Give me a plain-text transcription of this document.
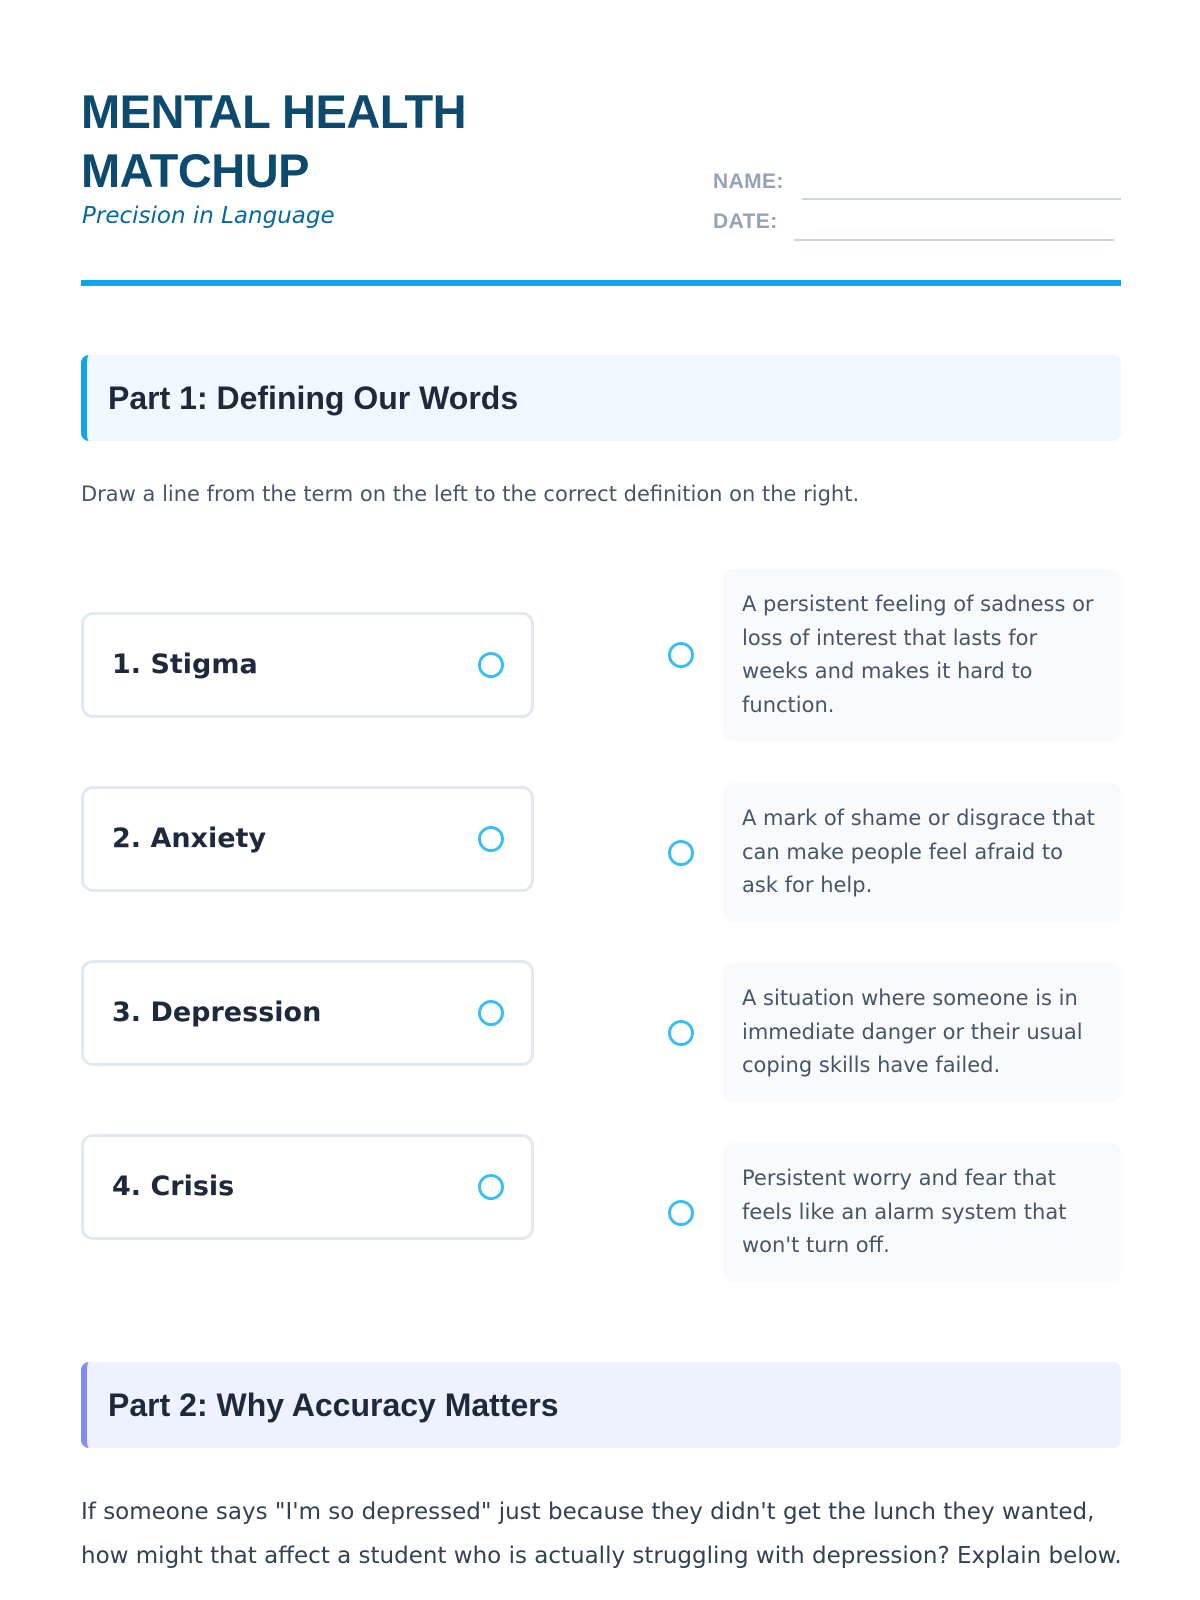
MENTAL HEALTH MATCHUP
Precision in Language
NAME:
DATE:
Part 1: Defining Our Words
Draw a line from the term on the left to the correct definition on the right.
1. Stigma
2. Anxiety
3. Depression
4. Crisis
A persistent feeling of sadness or loss of interest that lasts for weeks and makes it hard to function.
A mark of shame or disgrace that can make people feel afraid to ask for help.
A situation where someone is in immediate danger or their usual coping skills have failed.
Persistent worry and fear that feels like an alarm system that won't turn off.
Part 2: Why Accuracy Matters
If someone says "I'm so depressed" just because they didn't get the lunch they wanted, how might that affect a student who is actually struggling with depression? Explain below.
